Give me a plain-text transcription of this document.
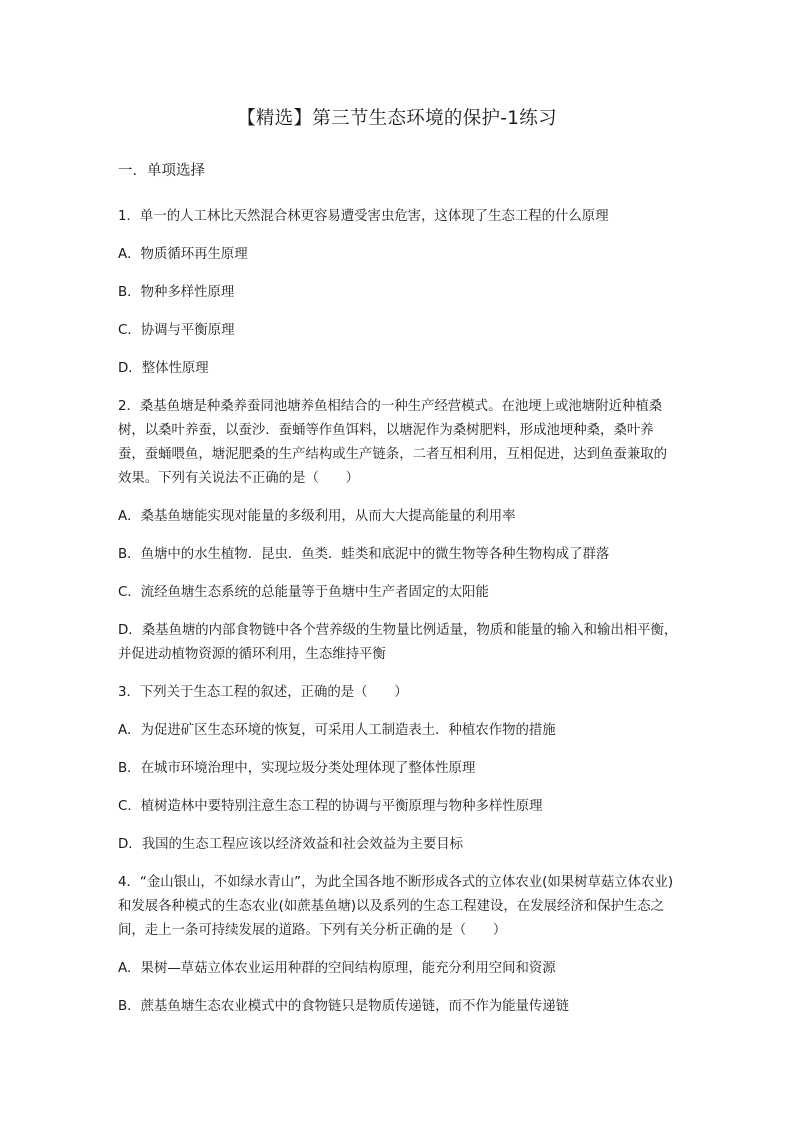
【精选】第三节生态环境的保护-1练习
一．单项选择
1．单一的人工林比天然混合林更容易遭受害虫危害，这体现了生态工程的什么原理
A．物质循环再生原理
B．物种多样性原理
C．协调与平衡原理
D．整体性原理
2．桑基鱼塘是种桑养蚕同池塘养鱼相结合的一种生产经营模式。在池埂上或池塘附近种植桑树，以桑叶养蚕，以蚕沙．蚕蛹等作鱼饵料，以塘泥作为桑树肥料，形成池埂种桑，桑叶养蚕，蚕蛹喂鱼，塘泥肥桑的生产结构或生产链条，二者互相利用，互相促进，达到鱼蚕兼取的效果。下列有关说法不正确的是（　　）
A．桑基鱼塘能实现对能量的多级利用，从而大大提高能量的利用率
B．鱼塘中的水生植物．昆虫．鱼类．蛙类和底泥中的微生物等各种生物构成了群落
C．流经鱼塘生态系统的总能量等于鱼塘中生产者固定的太阳能
D．桑基鱼塘的内部食物链中各个营养级的生物量比例适量，物质和能量的输入和输出相平衡，并促进动植物资源的循环利用，生态维持平衡
3．下列关于生态工程的叙述，正确的是（　　）
A．为促进矿区生态环境的恢复，可采用人工制造表土．种植农作物的措施
B．在城市环境治理中，实现垃圾分类处理体现了整体性原理
C．植树造林中要特别注意生态工程的协调与平衡原理与物种多样性原理
D．我国的生态工程应该以经济效益和社会效益为主要目标
4．“金山银山，不如绿水青山”，为此全国各地不断形成各式的立体农业(如果树草菇立体农业)和发展各种模式的生态农业(如蔗基鱼塘)以及系列的生态工程建设，在发展经济和保护生态之间，走上一条可持续发展的道路。下列有关分析正确的是（　　）
A．果树—草菇立体农业运用种群的空间结构原理，能充分利用空间和资源
B．蔗基鱼塘生态农业模式中的食物链只是物质传递链，而不作为能量传递链
